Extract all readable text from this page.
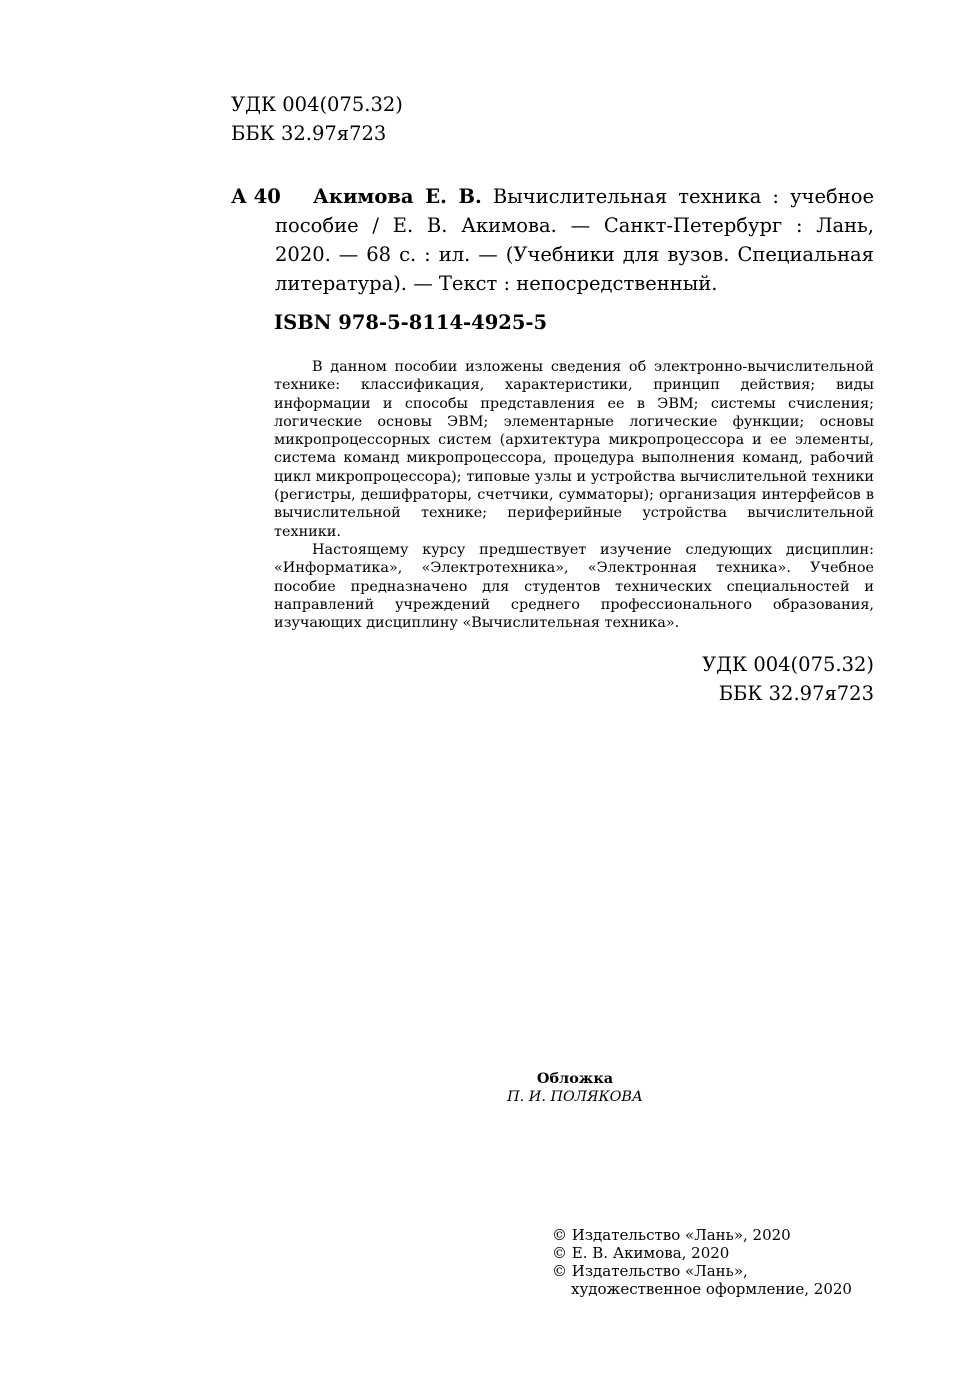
УДК 004(075.32)
ББК 32.97я723
А 40	Акимова Е. В. Вычислительная техника : учебное пособие / Е. В. Акимова. — Санкт-Петербург : Лань, 2020. — 68 с. : ил. — (Учебники для вузов. Специальная литература). — Текст : непосредственный.
ISBN 978-5-8114-4925-5

В данном пособии изложены сведения об электронно-вычислительной технике: классификация, характеристики, принцип действия; виды информации и способы представления ее в ЭВМ; системы счисления; логические основы ЭВМ; элементарные логические функции; основы микропроцессорных систем (архитектура микропроцессора и ее элементы, система команд микропроцессора, процедура выполнения команд, рабочий цикл микропроцессора); типовые узлы и устройства вычислительной техники (регистры, дешифраторы, счетчики, сумматоры); организация интерфейсов в вычислительной технике; периферийные устройства вычислительной техники.

Настоящему курсу предшествует изучение следующих дисциплин: «Информатика», «Электротехника», «Электронная техника». Учебное пособие предназначено для студентов технических специальностей и направлений учреждений среднего профессионального образования, изучающих дисциплину «Вычислительная техника».

УДК 004(075.32)
ББК 32.97я723
Обложка
П. И. ПОЛЯКОВА
© Издательство «Лань», 2020
© Е. В. Акимова, 2020
© Издательство «Лань»,
художественное оформление, 2020
